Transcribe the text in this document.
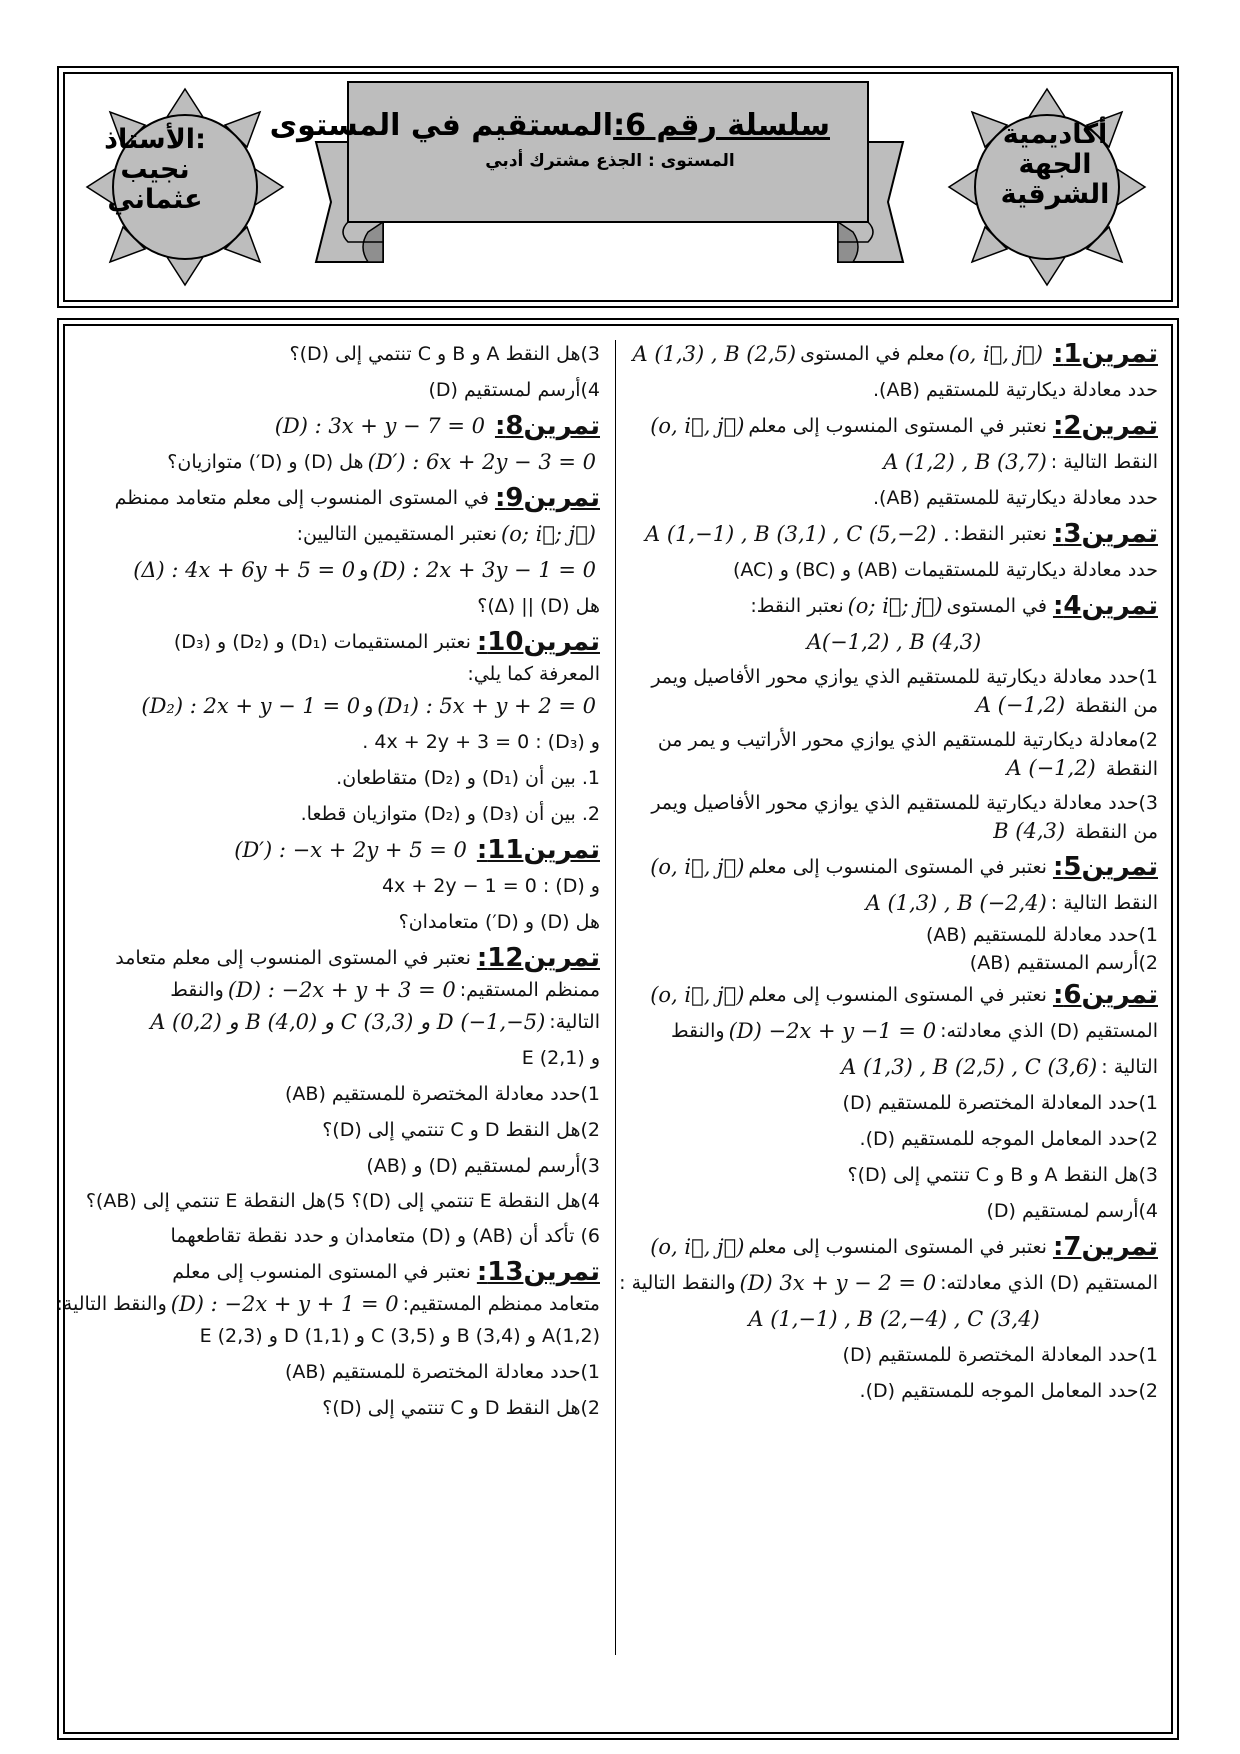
أكاديمية
الجهة
الشرقية
الأستاذ:
نجيب
عثماني
سلسلة رقم 6:المستقيم في المستوى
المستوى : الجذع مشترك أدبي
تمرين1:
(o, i⃗, j⃗)
معلم في المستوى
A (1,3) , B (2,5)
حدد معادلة ديكارتية للمستقيم (AB).
تمرين2:
نعتبر في المستوى المنسوب إلى معلم
(o, i⃗, j⃗)
النقط التالية :
A (1,2) , B (3,7)
حدد معادلة ديكارتية للمستقيم (AB).
تمرين3:
نعتبر النقط:
A (1,−1) , B (3,1) , C (5,−2) .
حدد معادلة ديكارتية للمستقيمات (AB) و (BC) و (AC)
تمرين4:
في المستوى
(o; i⃗; j⃗)
نعتبر النقط:
A(−1,2) , B (4,3)
1)حدد معادلة ديكارتية للمستقيم الذي يوازي محور الأفاصيل ويمر من النقطة A (−1,2)
2)معادلة ديكارتية للمستقيم الذي يوازي محور الأراتيب و يمر من النقطة A (−1,2)
3)حدد معادلة ديكارتية للمستقيم الذي يوازي محور الأفاصيل ويمر من النقطة B (4,3)
تمرين5:
نعتبر في المستوى المنسوب إلى معلم
(o, i⃗, j⃗)
النقط التالية :
A (1,3) , B (−2,4)
1)حدد معادلة للمستقيم (AB)
2)أرسم المستقيم (AB)
تمرين6:
نعتبر في المستوى المنسوب إلى معلم
(o, i⃗, j⃗)
المستقيم (D) الذي معادلته:
(D) −2x + y −1 = 0
والنقط
التالية :
A (1,3) , B (2,5) , C (3,6)
1)حدد المعادلة المختصرة للمستقيم (D)
2)حدد المعامل الموجه للمستقيم (D).
3)هل النقط A و B و C تنتمي إلى (D)؟
4)أرسم لمستقيم (D)
تمرين7:
نعتبر في المستوى المنسوب إلى معلم
(o, i⃗, j⃗)
المستقيم (D) الذي معادلته:
(D) 3x + y − 2 = 0
والنقط التالية :
A (1,−1) , B (2,−4) , C (3,4)
1)حدد المعادلة المختصرة للمستقيم (D)
2)حدد المعامل الموجه للمستقيم (D).
3)هل النقط A و B و C تنتمي إلى (D)؟
4)أرسم لمستقيم (D)
تمرين8:
(D) : 3x + y − 7 = 0
(D′) : 6x + 2y − 3 = 0
هل (D) و (D′) متوازيان؟
تمرين9:
في المستوى المنسوب إلى معلم متعامد ممنظم
(o; i⃗; j⃗)
نعتبر المستقيمين التاليين:
(D) : 2x + 3y − 1 = 0
و
(Δ) : 4x + 6y + 5 = 0
هل (D) || (Δ)؟
تمرين10:
نعتبر المستقيمات (D₁) و (D₂) و (D₃)
المعرفة كما يلي:
(D₁) : 5x + y + 2 = 0
و
(D₂) : 2x + y − 1 = 0
و (D₃) : 4x + 2y + 3 = 0 .
1. بين أن (D₁) و (D₂) متقاطعان.
2. بين أن (D₃) و (D₂) متوازيان قطعا.
تمرين11:
(D′) : −x + 2y + 5 = 0
و (D) : 4x + 2y − 1 = 0
هل (D) و (D′) متعامدان؟
تمرين12:
نعتبر في المستوى المنسوب إلى معلم متعامد
ممنظم المستقيم:
(D) : −2x + y + 3 = 0
والنقط
التالية:
A (0,2) و B (4,0) و C (3,3) و D (−1,−5)
و E (2,1)
1)حدد معادلة المختصرة للمستقيم (AB)
2)هل النقط D و C تنتمي إلى (D)؟
3)أرسم لمستقيم (D) و (AB)
4)هل النقطة E تنتمي إلى (D)؟ 5)هل النقطة E تنتمي إلى (AB)؟
6) تأكد أن (AB) و (D) متعامدان و حدد نقطة تقاطعهما
تمرين13:
نعتبر في المستوى المنسوب إلى معلم
متعامد ممنظم المستقيم:
(D) : −2x + y + 1 = 0
والنقط التالية:
A(1,2) و B (3,4) و C (3,5) و D (1,1) و E (2,3)
1)حدد معادلة المختصرة للمستقيم (AB)
2)هل النقط D و C تنتمي إلى (D)؟
